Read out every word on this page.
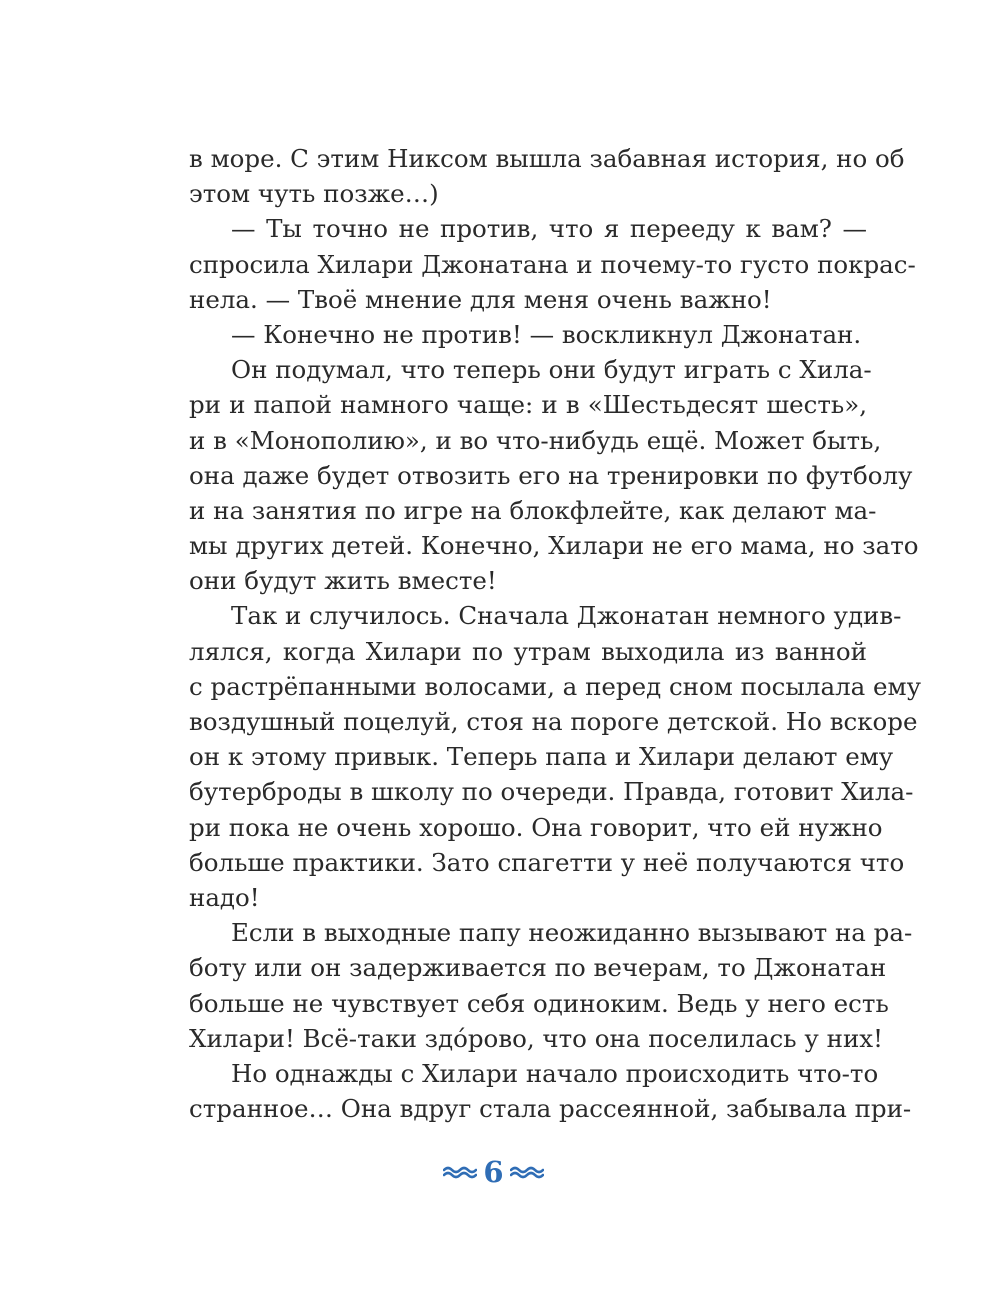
в море. С этим Никсом вышла забавная история, но об
этом чуть позже…)
— Ты точно не против, что я перееду к вам? —
спросила Хилари Джонатана и почему-то густо покрас-
нела. — Твоё мнение для меня очень важно!
— Конечно не против! — воскликнул Джонатан.
Он подумал, что теперь они будут играть с Хила-
ри и папой намного чаще: и в «Шестьдесят шесть»,
и в «Монополию», и во что-нибудь ещё. Может быть,
она даже будет отвозить его на тренировки по футболу
и на занятия по игре на блокфлейте, как делают ма-
мы других детей. Конечно, Хилари не его мама, но зато
они будут жить вместе!
Так и случилось. Сначала Джонатан немного удив-
лялся, когда Хилари по утрам выходила из ванной
с растрёпанными волосами, а перед сном посылала ему
воздушный поцелуй, стоя на пороге детской. Но вскоре
он к этому привык. Теперь папа и Хилари делают ему
бутерброды в школу по очереди. Правда, готовит Хила-
ри пока не очень хорошо. Она говорит, что ей нужно
больше практики. Зато спагетти у неё получаются что
надо!
Если в выходные папу неожиданно вызывают на ра-
боту или он задерживается по вечерам, то Джонатан
больше не чувствует себя одиноким. Ведь у него есть
Хилари! Всё-таки здóрово, что она поселилась у них!
Но однажды с Хилари начало происходить что-то
странное… Она вдруг стала рассеянной, забывала при-
6
